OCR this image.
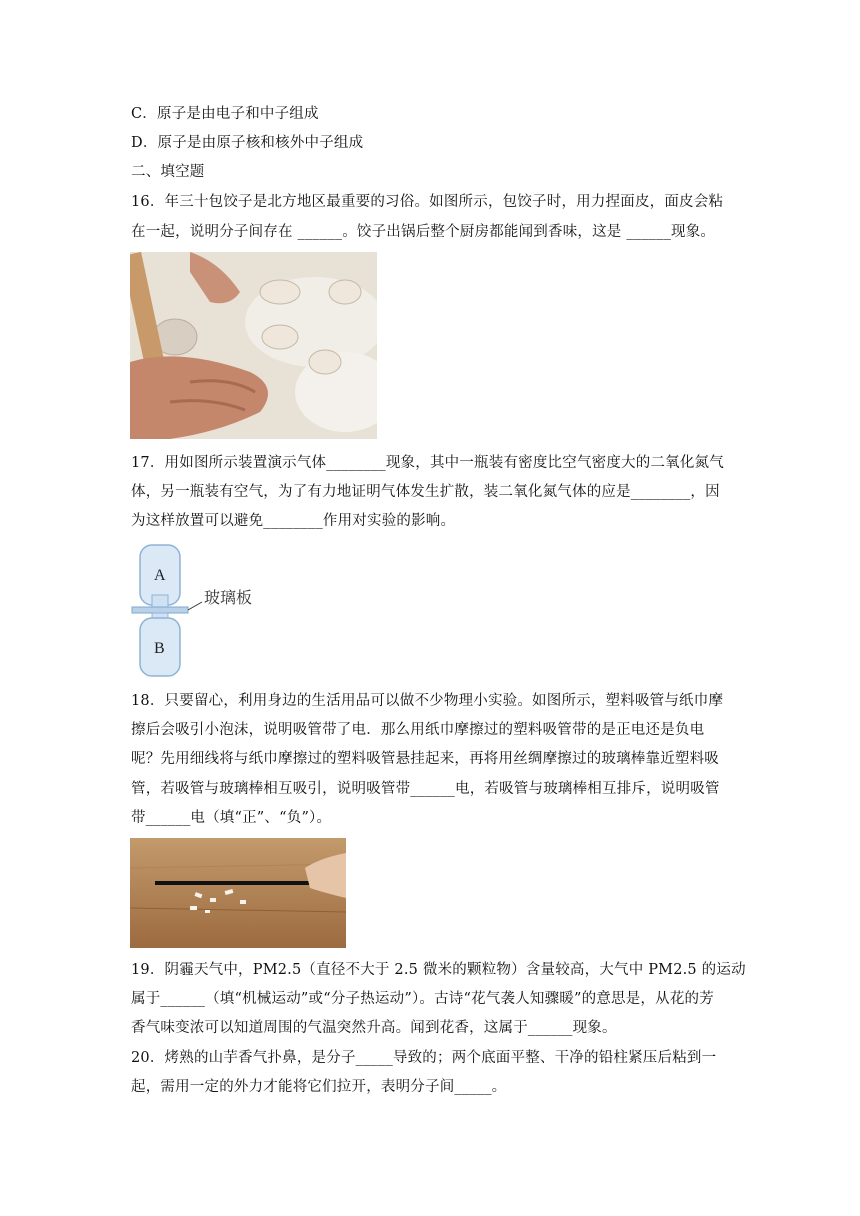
C．原子是由电子和中子组成
D．原子是由原子核和核外中子组成
二、填空题
16．年三十包饺子是北方地区最重要的习俗。如图所示，包饺子时，用力捏面皮，面皮会粘
在一起，说明分子间存在 ______。饺子出锅后整个厨房都能闻到香味，这是 ______现象。
17．用如图所示装置演示气体________现象，其中一瓶装有密度比空气密度大的二氧化氮气
体，另一瓶装有空气，为了有力地证明气体发生扩散，装二氧化氮气体的应是________，因
为这样放置可以避免________作用对实验的影响。
A
B
玻璃板
18．只要留心，利用身边的生活用品可以做不少物理小实验。如图所示，塑料吸管与纸巾摩
擦后会吸引小泡沫，说明吸管带了电．那么用纸巾摩擦过的塑料吸管带的是正电还是负电
呢？先用细线将与纸巾摩擦过的塑料吸管悬挂起来，再将用丝绸摩擦过的玻璃棒靠近塑料吸
管，若吸管与玻璃棒相互吸引，说明吸管带______电，若吸管与玻璃棒相互排斥，说明吸管
带______电（填“正”、“负”）。
19．阴霾天气中，PM2.5（直径不大于 2.5 微米的颗粒物）含量较高，大气中 PM2.5 的运动
属于______（填“机械运动”或“分子热运动”）。古诗“花气袭人知骤暖”的意思是，从花的芳
香气味变浓可以知道周围的气温突然升高。闻到花香，这属于______现象。
20．烤熟的山芋香气扑鼻，是分子_____导致的；两个底面平整、干净的铅柱紧压后粘到一
起，需用一定的外力才能将它们拉开，表明分子间_____。
